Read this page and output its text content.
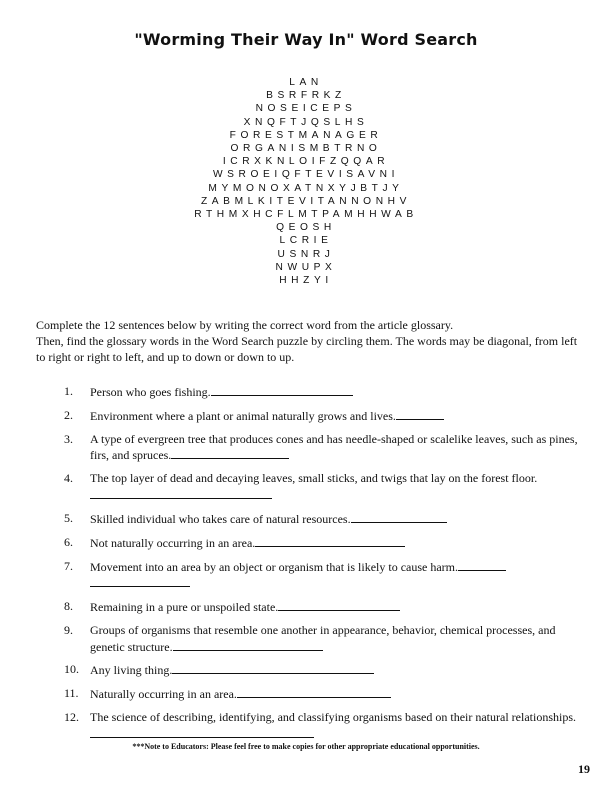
"Worming Their Way In" Word Search
LAN
BSRFRKZ
NOSEICEPS
XNQFTJQSLHS
FORESTMANAGER
ORGANISMBTRNO
ICRXKNLOIFZQQAR
WSROEIQFTEVISAVNI
MYMONOXATNXYJBTJY
ZABMLKITEVITANNONHV
RTHMXHCFLMTPAMHHWAB
QEOSH
LCRIE
USNRJ
NWUPX
HHZYI

Complete the 12 sentences below by writing the correct word from the article glossary.

Then, find the glossary words in the Word Search puzzle by circling them. The words may be diagonal, from left to right or right to left, and up to down or down to up.

1.	Person who goes fishing.
2.	Environment where a plant or animal naturally grows and lives.
3.	A type of evergreen tree that produces cones and has needle-shaped or scalelike leaves, such as pines, firs, and spruces.
4.	The top layer of dead and decaying leaves, small sticks, and twigs that lay on the forest floor.
5.	Skilled individual who takes care of natural resources.
6.	Not naturally occurring in an area.
7.	Movement into an area by an object or organism that is likely to cause harm.

8.	Remaining in a pure or unspoiled state.
9.	Groups of organisms that resemble one another in appearance, behavior, chemical processes, and genetic structure.
10. Any living thing.
11. Naturally occurring in an area.
12. The science of describing, identifying, and classifying organisms based on their natural relationships.
***Note to Educators: Please feel free to make copies for other appropriate educational opportunities.
19
